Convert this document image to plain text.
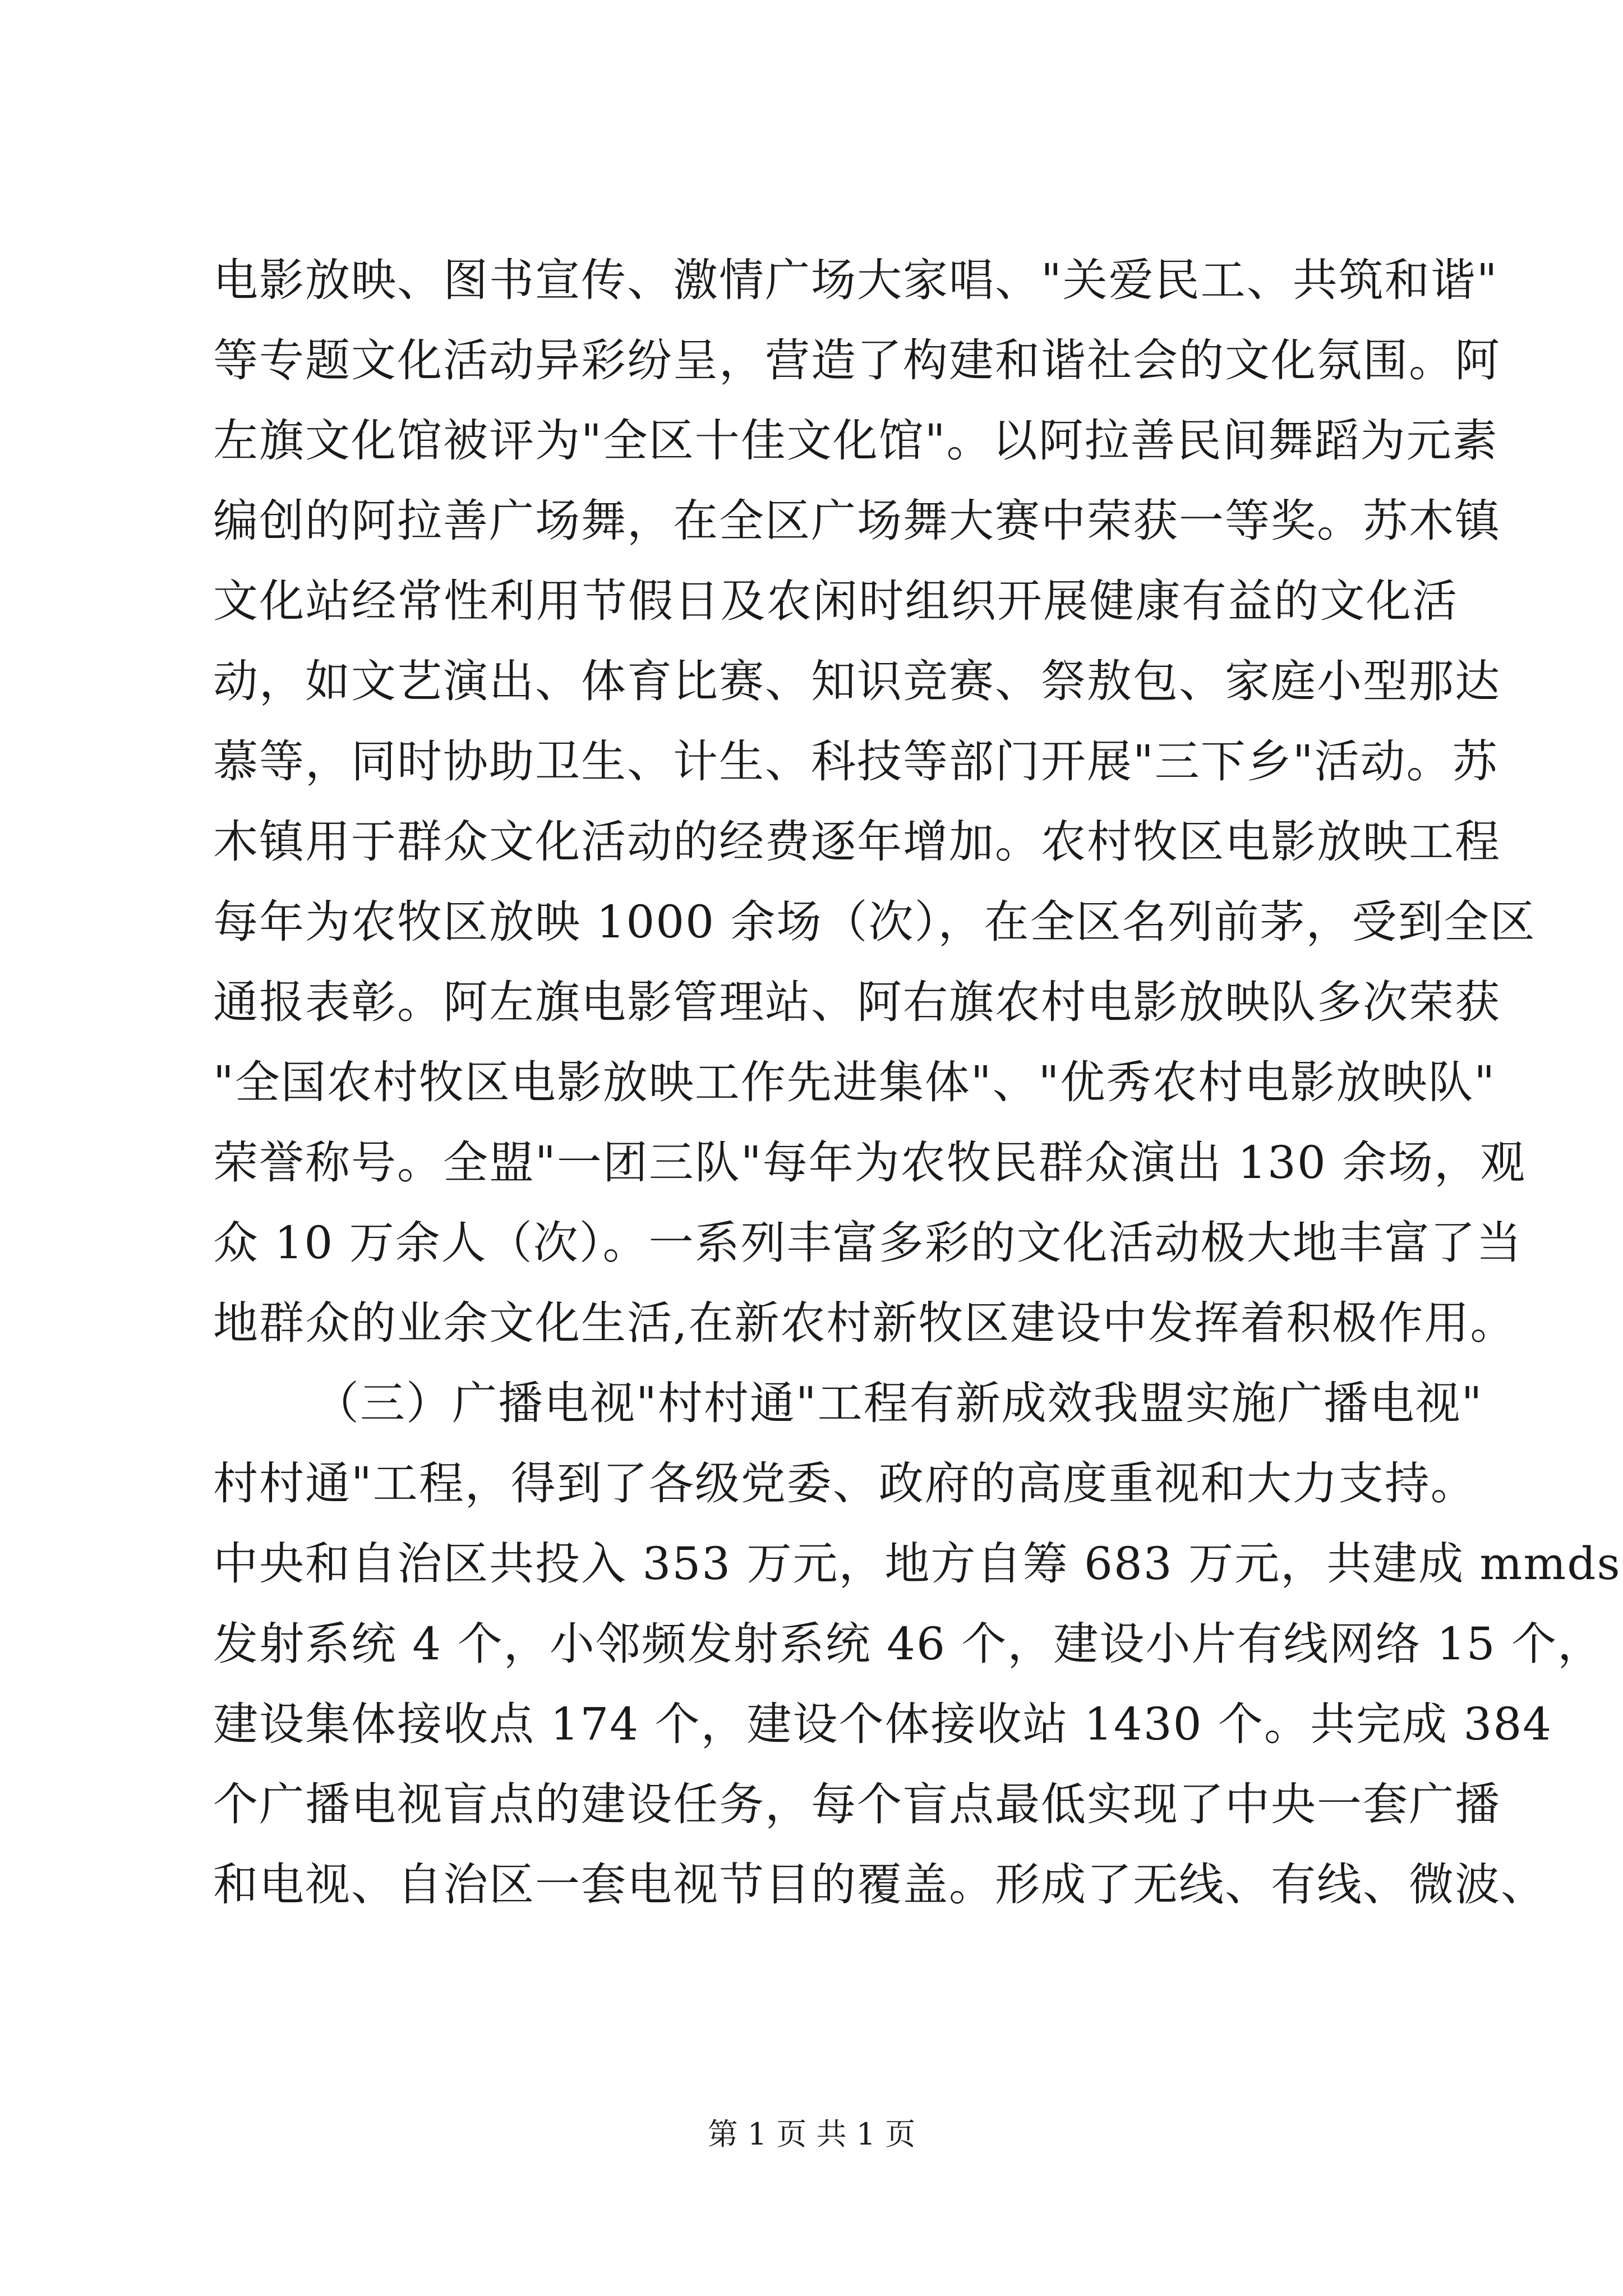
电影放映、图书宣传、激情广场大家唱、"关爱民工、共筑和谐"
等专题文化活动异彩纷呈，营造了构建和谐社会的文化氛围。阿
左旗文化馆被评为"全区十佳文化馆"。以阿拉善民间舞蹈为元素
编创的阿拉善广场舞，在全区广场舞大赛中荣获一等奖。苏木镇
文化站经常性利用节假日及农闲时组织开展健康有益的文化活
动，如文艺演出、体育比赛、知识竞赛、祭敖包、家庭小型那达
慕等，同时协助卫生、计生、科技等部门开展"三下乡"活动。苏
木镇用于群众文化活动的经费逐年增加。农村牧区电影放映工程
每年为农牧区放映 1000 余场（次），在全区名列前茅，受到全区
通报表彰。阿左旗电影管理站、阿右旗农村电影放映队多次荣获
"全国农村牧区电影放映工作先进集体"、"优秀农村电影放映队"
荣誉称号。全盟"一团三队"每年为农牧民群众演出 130 余场，观
众 10 万余人（次）。一系列丰富多彩的文化活动极大地丰富了当
地群众的业余文化生活,在新农村新牧区建设中发挥着积极作用。
（三）广播电视"村村通"工程有新成效我盟实施广播电视"
村村通"工程，得到了各级党委、政府的高度重视和大力支持。
中央和自治区共投入 353 万元，地方自筹 683 万元，共建成 mmds
发射系统 4 个，小邻频发射系统 46 个，建设小片有线网络 15 个，
建设集体接收点 174 个，建设个体接收站 1430 个。共完成 384
个广播电视盲点的建设任务，每个盲点最低实现了中央一套广播
和电视、自治区一套电视节目的覆盖。形成了无线、有线、微波、
第 1 页 共 1 页
